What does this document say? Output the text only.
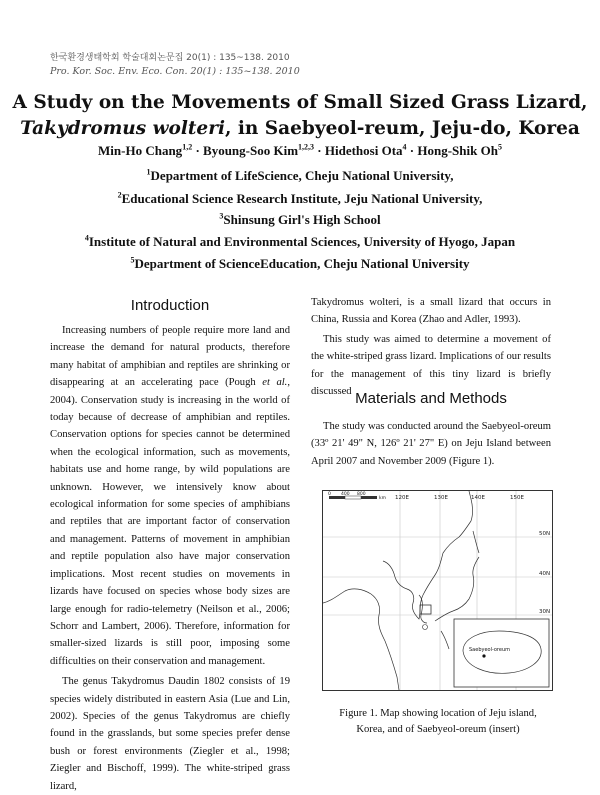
한국환경생태학회 학술대회논문집 20(1) : 135~138. 2010
Pro. Kor. Soc. Env. Eco. Con. 20(1) : 135~138. 2010
A Study on the Movements of Small Sized Grass Lizard,
Takydromus wolteri, in Saebyeol-reum, Jeju-do, Korea
Min-Ho Chang$^{1,2}$ · Byoung-Soo Kim$^{1,2,3}$ · Hidethosi Ota$^4$ · Hong-Shik Oh$^5$
$^1$Department of LifeScience, Cheju National University,
$^2$Educational Science Research Institute, Jeju National University,
$^3$Shinsung Girl's High School
$^4$Institute of Natural and Environmental Sciences, University of Hyogo, Japan
$^5$Department of ScienceEducation, Cheju National University
Introduction

Increasing numbers of people require more land and increase the demand for natural products, therefore many habitat of amphibian and reptiles are shrinking or disappearing at an accelerating pace (Pough et al., 2004). Conservation study is increasing in the world of today because of decrease of amphibian and reptiles. Conservation options for species cannot be determined when the ecological information, such as movements, habitats use and home range, by wild populations are unknown. However, we intensively know about ecological information for some species of amphibians and reptiles that are important factor of conservation and management. Patterns of movement in amphibian and reptile population also have major conservation implications. Most recent studies on movements in lizards have focused on species whose body sizes are large enough for radio-telemetry (Neilson et al., 2006; Schorr and Lambert, 2006). Therefore, information for smaller-sized lizards is still poor, imposing some difficulties on their conservation and management.

The genus Takydromus Daudin 1802 consists of 19 species widely distributed in eastern Asia (Lue and Lin, 2002). Species of the genus Takydromus are chiefly found in the grasslands, but some species prefer dense bush or forest environments (Ziegler et al., 1998; Ziegler and Bischoff, 1999). The white-striped grass lizard,

Takydromus wolteri, is a small lizard that occurs in China, Russia and Korea (Zhao and Adler, 1993).

This study was aimed to determine a movement of the white-striped grass lizard. Implications of our results for the management of this tiny lizard is briefly discussed Materials and Methods

The study was conducted around the Saebyeol-oreum (33º 21' 49" N, 126º 21' 27" E) on Jeju Island between April 2007 and November 2009 (Figure 1).

0 400 800
km 120E	130E	140E	150E
50N
40N
30N
Saebyeol-oreum
Figure 1. Map showing location of Jeju island,
Korea, and of Saebyeol-oreum (insert)
